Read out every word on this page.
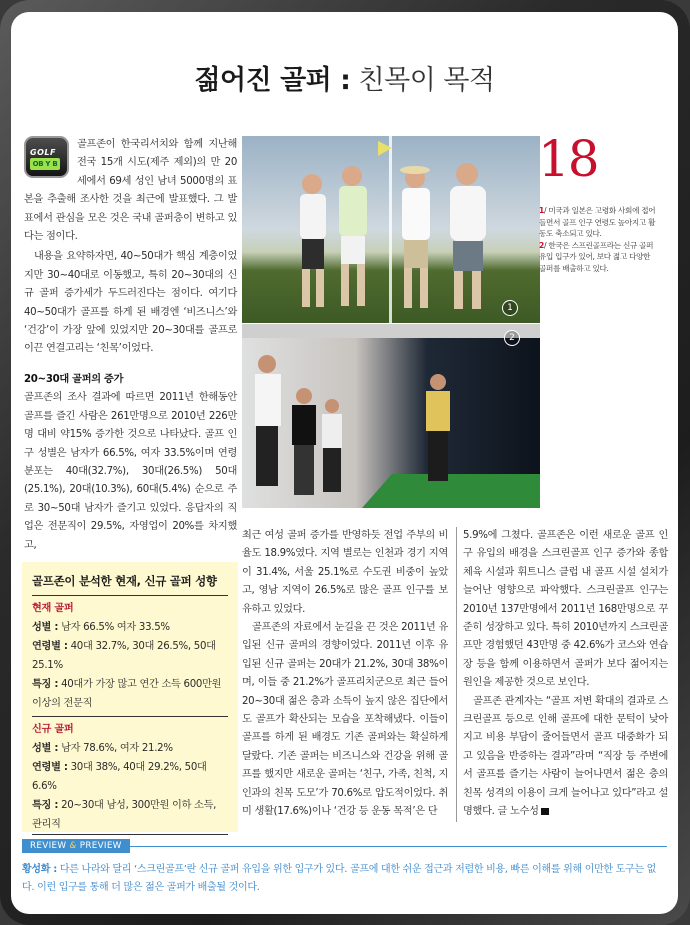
젊어진 골퍼 : 친목이 목적
GOLF
OB Y B

골프존이 한국리서치와 함께 지난해 전국 15개 시도(제주 제외)의 만 20세에서 69세 성인 남녀 5000명의 표본을 추출해 조사한 것을 최근에 발표했다. 그 발표에서 관심을 모은 것은 국내 골퍼층이 변하고 있다는 점이다.

내용을 요약하자면, 40~50대가 핵심 계층이었지만 30~40대로 이동했고, 특히 20~30대의 신규 골퍼 증가세가 두드러진다는 점이다. 여기다 40~50대가 골프를 하게 된 배경엔 ‘비즈니스’와 ‘건강’이 가장 앞에 있었지만 20~30대를 골프로 이끈 연결고리는 ‘친목’이었다.

20~30대 골퍼의 증가

골프존의 조사 결과에 따르면 2011년 한해동안 골프를 즐긴 사람은 261만명으로 2010년 226만명 대비 약15% 증가한 것으로 나타났다. 골프 인구 성별은 남자가 66.5%, 여자 33.5%이며 연령 분포는 40대(32.7%), 30대(26.5%) 50대(25.1%), 20대(10.3%), 60대(5.4%) 순으로 주로 30~50대 남자가 즐기고 있었다. 응답자의 직업은 전문직이 29.5%, 자영업이 20%를 차지했고,

골프존이 분석한 현재, 신규 골퍼 성향
현재 골퍼
성별 : 남자 66.5% 여자 33.5%
연령별 : 40대 32.7%, 30대 26.5%, 50대 25.1%
특징 : 40대가 가장 많고 연간 소득 600만원 이상의 전문직
신규 골퍼
성별 : 남자 78.6%, 여자 21.2%
연령별 : 30대 38%, 40대 29.2%, 50대 6.6%
특징 : 20~30대 남성, 300만원 이하 소득, 관리직
1
2
18
1/ 미국과 일본은 고령화 사회에 접어들면서 골프 인구 연령도 높아지고 활동도 축소되고 있다.
2/ 한국은 스프린골프라는 신규 골퍼 유입 입구가 있어, 보다 젊고 다양한 골퍼를 배출하고 있다.

최근 여성 골퍼 증가를 반영하듯 전업 주부의 비율도 18.9%였다. 지역 별로는 인천과 경기 지역이 31.4%, 서울 25.1%로 수도권 비중이 높았고, 영남 지역이 26.5%로 많은 골프 인구를 보유하고 있었다.

골프존의 자료에서 눈길을 끈 것은 2011년 유입된 신규 골퍼의 경향이었다. 2011년 이후 유입된 신규 골퍼는 20대가 21.2%, 30대 38%이며, 이들 중 21.2%가 골프리치군으로 최근 들어 20~30대 젊은 층과 소득이 높지 않은 집단에서도 골프가 확산되는 모습을 포착해냈다. 이들이 골프를 하게 된 배경도 기존 골퍼와는 확실하게 달랐다. 기존 골퍼는 비즈니스와 건강을 위해 골프를 했지만 새로운 골퍼는 ‘친구, 가족, 친척, 지인과의 친목 도모’가 70.6%로 압도적이었다. 취미 생활(17.6%)이나 ‘건강 등 운동 목적’은 단

5.9%에 그쳤다. 골프존은 이런 새로운 골프 인구 유입의 배경을 스크린골프 인구 증가와 종합 체육 시설과 휘트니스 클럽 내 골프 시설 설치가 늘어난 영향으로 파악했다. 스크린골프 인구는 2010년 137만명에서 2011년 168만명으로 꾸준히 성장하고 있다. 특히 2010년까지 스크린골프만 경험했던 43만명 중 42.6%가 코스와 연습장 등을 함께 이용하면서 골퍼가 보다 젊어지는 원인을 제공한 것으로 보인다.

골프존 관계자는 “골프 저변 확대의 결과로 스크린골프 등으로 인해 골프에 대한 문턱이 낮아지고 비용 부담이 줄어들면서 골프 대중화가 되고 있음을 반증하는 결과”라며 “직장 등 주변에서 골프를 즐기는 사람이 늘어나면서 젊은 층의 친목 성격의 이용이 크게 늘어나고 있다”라고 설명했다. 글 노수성

REVIEW & PREVIEW
황성화 : 다른 나라와 달리 ‘스크린골프’란 신규 골퍼 유입을 위한 입구가 있다. 골프에 대한 쉬운 접근과 저렴한 비용, 빠른 이해를 위해 이만한 도구는 없다. 이런 입구를 통해 더 많은 젊은 골퍼가 배출될 것이다.
